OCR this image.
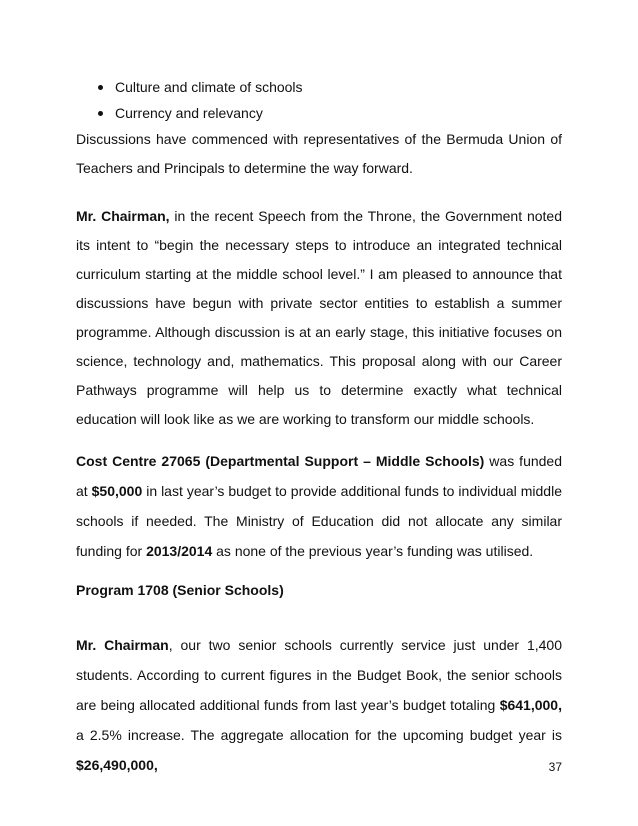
Culture and climate of schools
Currency and relevancy
Discussions have commenced with representatives of the Bermuda Union of Teachers and Principals to determine the way forward.
Mr. Chairman, in the recent Speech from the Throne, the Government noted its intent to “begin the necessary steps to introduce an integrated technical curriculum starting at the middle school level.” I am pleased to announce that discussions have begun with private sector entities to establish a summer programme. Although discussion is at an early stage, this initiative focuses on science, technology and, mathematics. This proposal along with our Career Pathways programme will help us to determine exactly what technical education will look like as we are working to transform our middle schools.
Cost Centre 27065 (Departmental Support – Middle Schools) was funded at $50,000 in last year’s budget to provide additional funds to individual middle schools if needed. The Ministry of Education did not allocate any similar funding for 2013/2014 as none of the previous year’s funding was utilised.
Program 1708 (Senior Schools)
Mr. Chairman, our two senior schools currently service just under 1,400 students. According to current figures in the Budget Book, the senior schools are being allocated additional funds from last year’s budget totaling $641,000, a 2.5% increase. The aggregate allocation for the upcoming budget year is $26,490,000,	37
